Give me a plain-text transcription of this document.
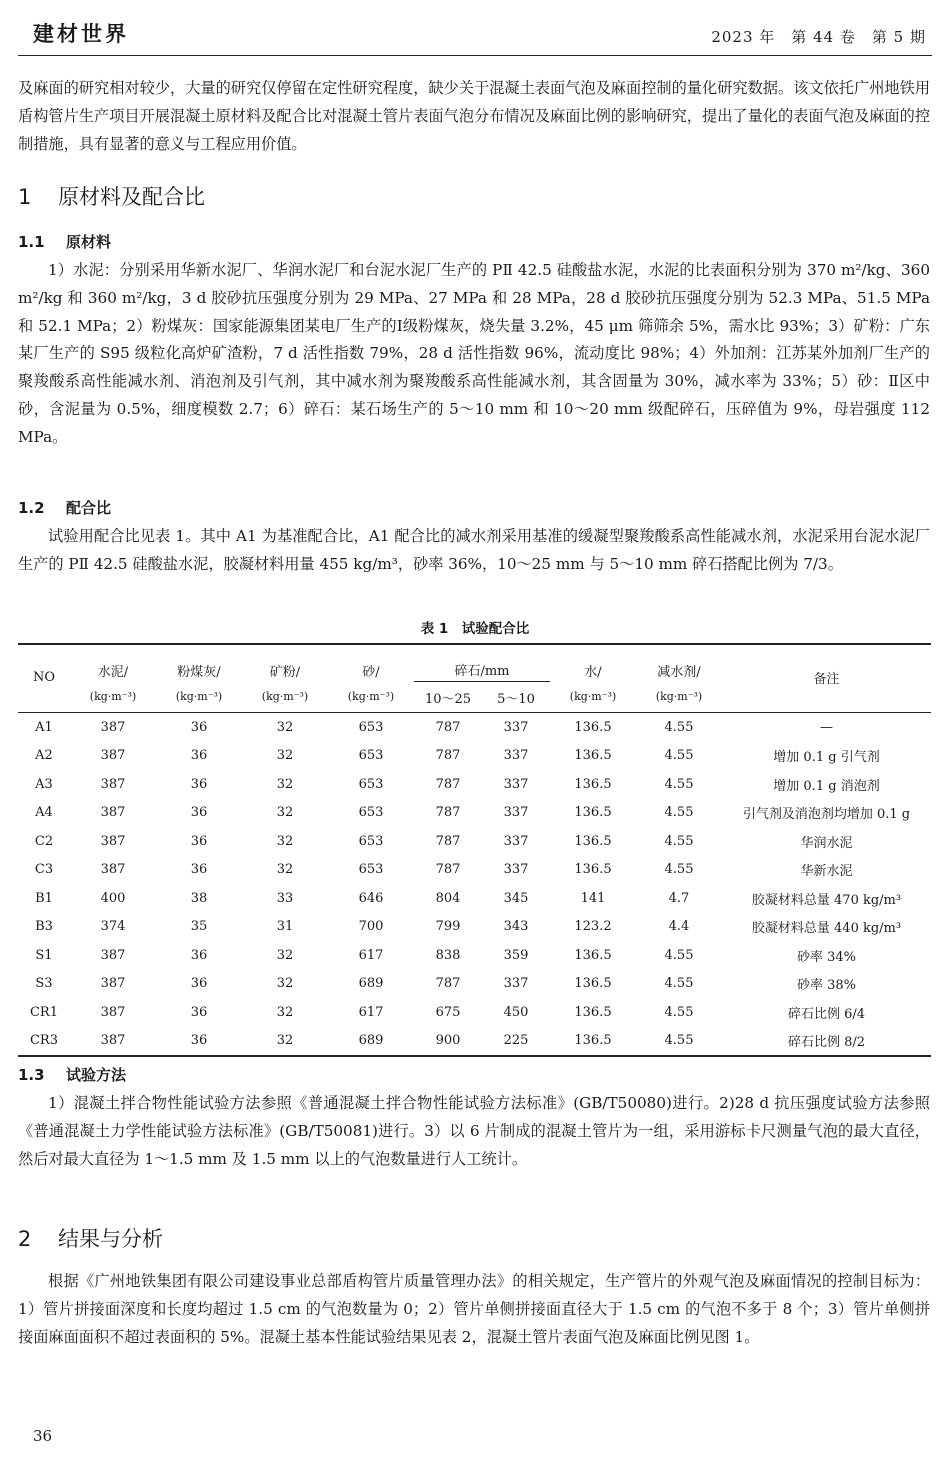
建材世界	2023 年　第 44 卷　第 5 期

及麻面的研究相对较少，大量的研究仅停留在定性研究程度，缺少关于混凝土表面气泡及麻面控制的量化研究数据。该文依托广州地铁用盾构管片生产项目开展混凝土原材料及配合比对混凝土管片表面气泡分布情况及麻面比例的影响研究，提出了量化的表面气泡及麻面的控制措施，具有显著的意义与工程应用价值。

1 原材料及配合比
1.1 原材料

1）水泥：分别采用华新水泥厂、华润水泥厂和台泥水泥厂生产的 PⅡ 42.5 硅酸盐水泥，水泥的比表面积分别为 370 m²/kg、360 m²/kg 和 360 m²/kg，3 d 胶砂抗压强度分别为 29 MPa、27 MPa 和 28 MPa，28 d 胶砂抗压强度分别为 52.3 MPa、51.5 MPa 和 52.1 MPa；2）粉煤灰：国家能源集团某电厂生产的Ⅰ级粉煤灰，烧失量 3.2%，45 μm 筛筛余 5%，需水比 93%；3）矿粉：广东某厂生产的 S95 级粒化高炉矿渣粉，7 d 活性指数 79%，28 d 活性指数 96%，流动度比 98%；4）外加剂：江苏某外加剂厂生产的聚羧酸系高性能减水剂、消泡剂及引气剂，其中减水剂为聚羧酸系高性能减水剂，其含固量为 30%，减水率为 33%；5）砂：Ⅱ区中砂，含泥量为 0.5%，细度模数 2.7；6）碎石：某石场生产的 5～10 mm 和 10～20 mm 级配碎石，压碎值为 9%，母岩强度 112 MPa。

1.2 配合比

试验用配合比见表 1。其中 A1 为基准配合比，A1 配合比的减水剂采用基准的缓凝型聚羧酸系高性能减水剂，水泥采用台泥水泥厂生产的 PⅡ 42.5 硅酸盐水泥，胶凝材料用量 455 kg/m³，砂率 36%，10～25 mm 与 5～10 mm 碎石搭配比例为 7/3。

表 1　试验配合比
NO	水泥/	粉煤灰/	矿粉/	砂/	碎石/mm		水/	减水剂/	备注
	(kg·m⁻³)	(kg·m⁻³)	(kg·m⁻³)	(kg·m⁻³)	10～25	5～10	(kg·m⁻³)	(kg·m⁻³)	
A1	387	36	32	653	787	337	136.5	4.55	—
A2	387	36	32	653	787	337	136.5	4.55	增加 0.1 g 引气剂
A3	387	36	32	653	787	337	136.5	4.55	增加 0.1 g 消泡剂
A4	387	36	32	653	787	337	136.5	4.55	引气剂及消泡剂均增加 0.1 g
C2	387	36	32	653	787	337	136.5	4.55	华润水泥
C3	387	36	32	653	787	337	136.5	4.55	华新水泥
B1	400	38	33	646	804	345	141	4.7	胶凝材料总量 470 kg/m³
B3	374	35	31	700	799	343	123.2	4.4	胶凝材料总量 440 kg/m³
S1	387	36	32	617	838	359	136.5	4.55	砂率 34%
S3	387	36	32	689	787	337	136.5	4.55	砂率 38%
CR1	387	36	32	617	675	450	136.5	4.55	碎石比例 6/4
CR3	387	36	32	689	900	225	136.5	4.55	碎石比例 8/2
1.3 试验方法

1）混凝土拌合物性能试验方法参照《普通混凝土拌合物性能试验方法标准》(GB/T50080)进行。2)28 d 抗压强度试验方法参照《普通混凝土力学性能试验方法标准》(GB/T50081)进行。3）以 6 片制成的混凝土管片为一组，采用游标卡尺测量气泡的最大直径，然后对最大直径为 1～1.5 mm 及 1.5 mm 以上的气泡数量进行人工统计。

2 结果与分析

根据《广州地铁集团有限公司建设事业总部盾构管片质量管理办法》的相关规定，生产管片的外观气泡及麻面情况的控制目标为：1）管片拼接面深度和长度均超过 1.5 cm 的气泡数量为 0；2）管片单侧拼接面直径大于 1.5 cm 的气泡不多于 8 个；3）管片单侧拼接面麻面面积不超过表面积的 5%。混凝土基本性能试验结果见表 2，混凝土管片表面气泡及麻面比例见图 1。

36
